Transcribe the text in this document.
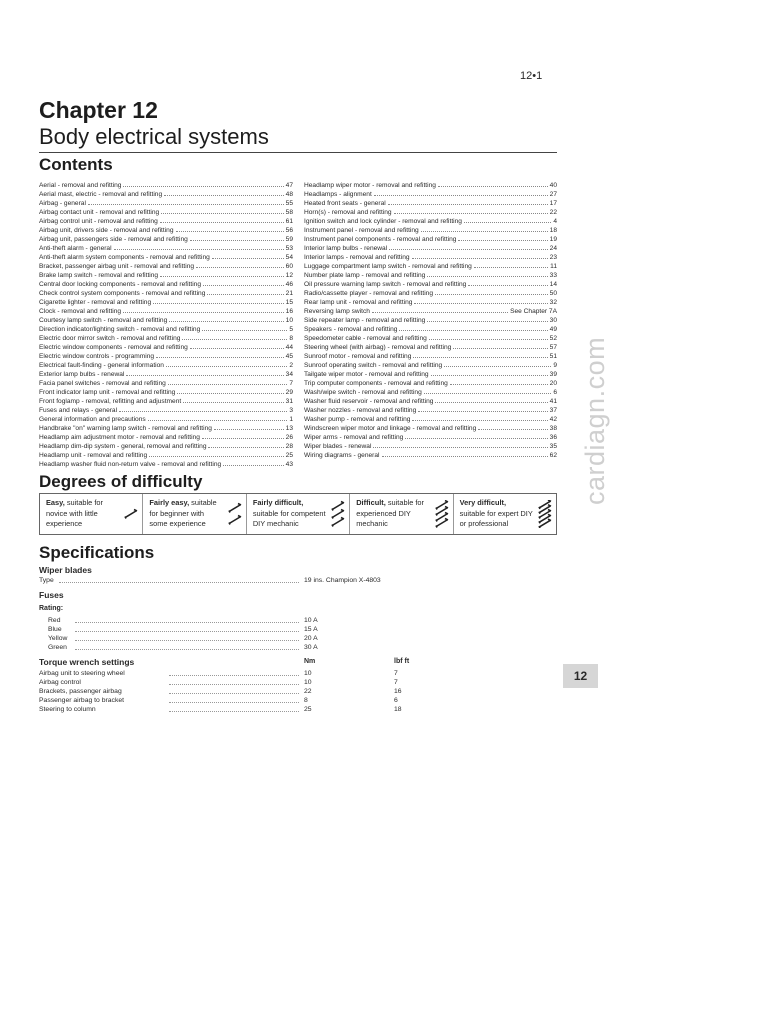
12•1
Chapter 12
Body electrical systems
Contents
Aerial - removal and refitting	47
Aerial mast, electric - removal and refitting	48
Airbag - general	55
Airbag contact unit - removal and refitting	58
Airbag control unit - removal and refitting	61
Airbag unit, drivers side - removal and refitting	56
Airbag unit, passengers side - removal and refitting	59
Anti-theft alarm - general	53
Anti-theft alarm system components - removal and refitting	54
Bracket, passenger airbag unit - removal and refitting	60
Brake lamp switch - removal and refitting	12
Central door locking components - removal and refitting	46
Check control system components - removal and refitting	21
Cigarette lighter - removal and refitting	15
Clock - removal and refitting	16
Courtesy lamp switch - removal and refitting	10
Direction indicator/lighting switch - removal and refitting	5
Electric door mirror switch - removal and refitting	8
Electric window components - removal and refitting	44
Electric window controls - programming	45
Electrical fault-finding - general information	2
Exterior lamp bulbs - renewal	34
Facia panel switches - removal and refitting	7
Front indicator lamp unit - removal and refitting	29
Front foglamp - removal, refitting and adjustment	31
Fuses and relays - general	3
General information and precautions	1
Handbrake "on" warning lamp switch - removal and refitting	13
Headlamp aim adjustment motor - removal and refitting	26
Headlamp dim-dip system - general, removal and refitting	28
Headlamp unit - removal and refitting	25
Headlamp washer fluid non-return valve - removal and refitting	43
Headlamp wiper motor - removal and refitting	40
Headlamps - alignment	27
Heated front seats - general	17
Horn(s) - removal and refitting	22
Ignition switch and lock cylinder - removal and refitting	4
Instrument panel - removal and refitting	18
Instrument panel components - removal and refitting	19
Interior lamp bulbs - renewal	24
Interior lamps - removal and refitting	23
Luggage compartment lamp switch - removal and refitting	11
Number plate lamp - removal and refitting	33
Oil pressure warning lamp switch - removal and refitting	14
Radio/cassette player - removal and refitting	50
Rear lamp unit - removal and refitting	32
Reversing lamp switch	See Chapter 7A
Side repeater lamp - removal and refitting	30
Speakers - removal and refitting	49
Speedometer cable - removal and refitting	52
Steering wheel (with airbag) - removal and refitting	57
Sunroof motor - removal and refitting	51
Sunroof operating switch - removal and refitting	9
Tailgate wiper motor - removal and refitting	39
Trip computer components - removal and refitting	20
Wash/wipe switch - removal and refitting	6
Washer fluid reservoir - removal and refitting	41
Washer nozzles - removal and refitting	37
Washer pump - removal and refitting	42
Windscreen wiper motor and linkage - removal and refitting	38
Wiper arms - removal and refitting	36
Wiper blades - renewal	35
Wiring diagrams - general	62
Degrees of difficulty
Easy, suitable for
novice with little
experience
Fairly easy, suitable
for beginner with
some experience
Fairly difficult,
suitable for competent
DIY mechanic
Difficult, suitable for
experienced DIY
mechanic
Very difficult,
suitable for expert DIY
or professional
Specifications
Wiper blades
Type	19 ins. Champion X-4803
Fuses
Rating:
Red	10 A
Blue	15 A
Yellow	20 A
Green	30 A
Torque wrench settings	Nm	lbf ft
Airbag unit to steering wheel	10	7
Airbag control	10	7
Brackets, passenger airbag	22	16
Passenger airbag to bracket	8	6
Steering to column	25	18
12
cardiagn.com
